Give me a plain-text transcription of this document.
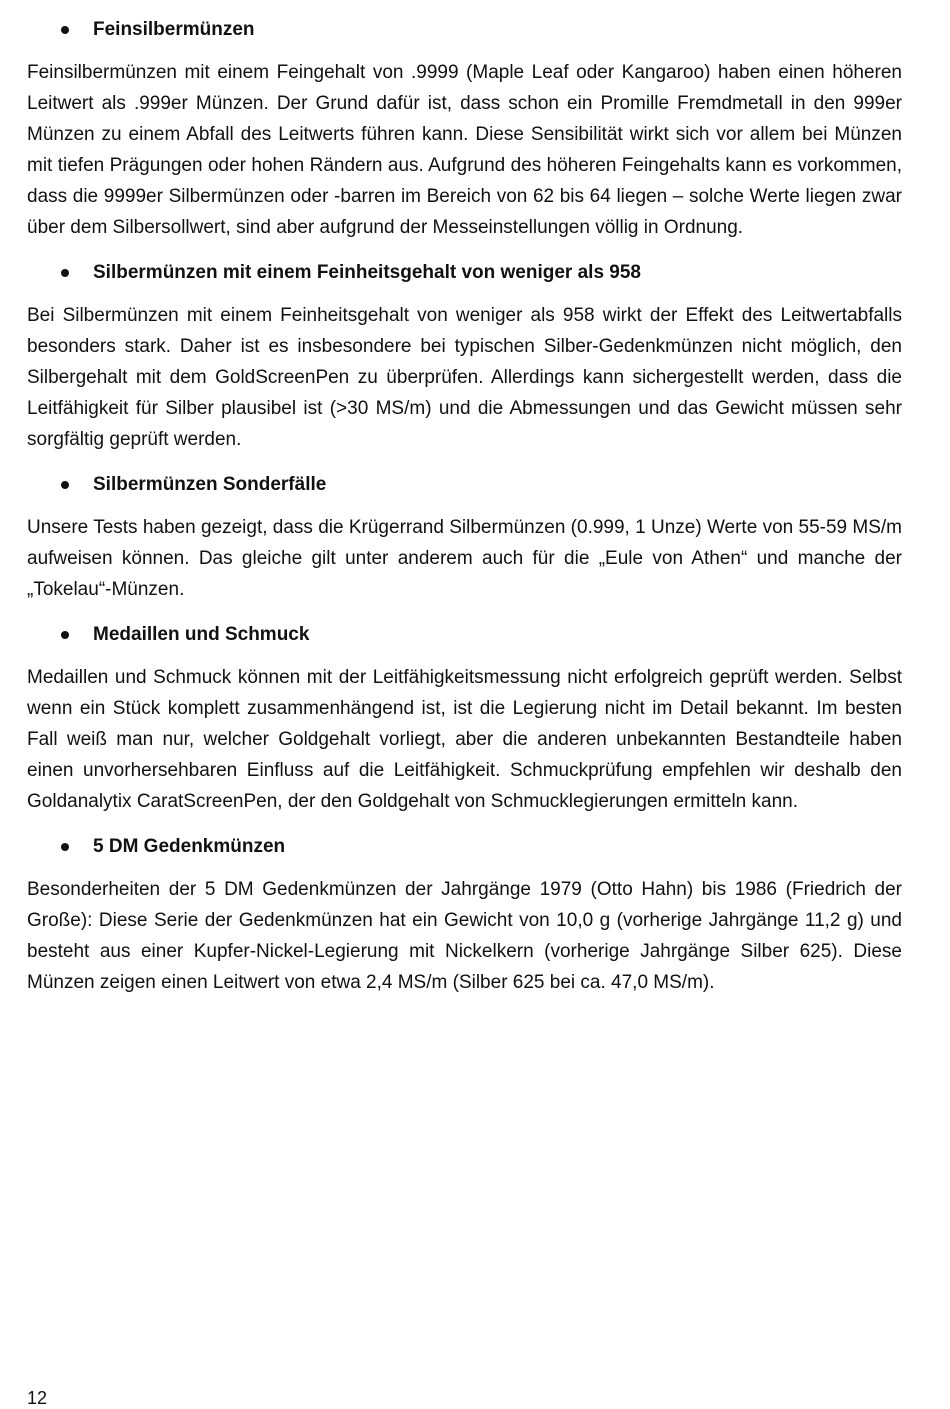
Feinsilbermünzen

Feinsilbermünzen mit einem Feingehalt von .9999 (Maple Leaf oder Kangaroo) haben einen höheren Leitwert als .999er Münzen. Der Grund dafür ist, dass schon ein Promille Fremdmetall in den 999er Münzen zu einem Abfall des Leitwerts führen kann. Diese Sensibilität wirkt sich vor allem bei Münzen mit tiefen Prägungen oder hohen Rändern aus. Aufgrund des höheren Feingehalts kann es vorkommen, dass die 9999er Silbermünzen oder -barren im Bereich von 62 bis 64 liegen – solche Werte liegen zwar über dem Silbersollwert, sind aber aufgrund der Messeinstellungen völlig in Ordnung.

Silbermünzen mit einem Feinheitsgehalt von weniger als 958

Bei Silbermünzen mit einem Feinheitsgehalt von weniger als 958 wirkt der Effekt des Leitwertabfalls besonders stark. Daher ist es insbesondere bei typischen Silber-Gedenkmünzen nicht möglich, den Silbergehalt mit dem GoldScreenPen zu überprüfen. Allerdings kann sichergestellt werden, dass die Leitfähigkeit für Silber plausibel ist (>30 MS/m) und die Abmessungen und das Gewicht müssen sehr sorgfältig geprüft werden.

Silbermünzen Sonderfälle

Unsere Tests haben gezeigt, dass die Krügerrand Silbermünzen (0.999, 1 Unze) Werte von 55-59 MS/m aufweisen können. Das gleiche gilt unter anderem auch für die „Eule von Athen“ und manche der „Tokelau“-Münzen.

Medaillen und Schmuck

Medaillen und Schmuck können mit der Leitfähigkeitsmessung nicht erfolgreich geprüft werden. Selbst wenn ein Stück komplett zusammenhängend ist, ist die Legierung nicht im Detail bekannt. Im besten Fall weiß man nur, welcher Goldgehalt vorliegt, aber die anderen unbekannten Bestandteile haben einen unvorhersehbaren Einfluss auf die Leitfähigkeit. Schmuckprüfung empfehlen wir deshalb den Goldanalytix CaratScreenPen, der den Goldgehalt von Schmucklegierungen ermitteln kann.

5 DM Gedenkmünzen

Besonderheiten der 5 DM Gedenkmünzen der Jahrgänge 1979 (Otto Hahn) bis 1986 (Friedrich der Große): Diese Serie der Gedenkmünzen hat ein Gewicht von 10,0 g (vorherige Jahrgänge 11,2 g) und besteht aus einer Kupfer-Nickel-Legierung mit Nickelkern (vorherige Jahrgänge Silber 625). Diese Münzen zeigen einen Leitwert von etwa 2,4 MS/m (Silber 625 bei ca. 47,0 MS/m).

12
